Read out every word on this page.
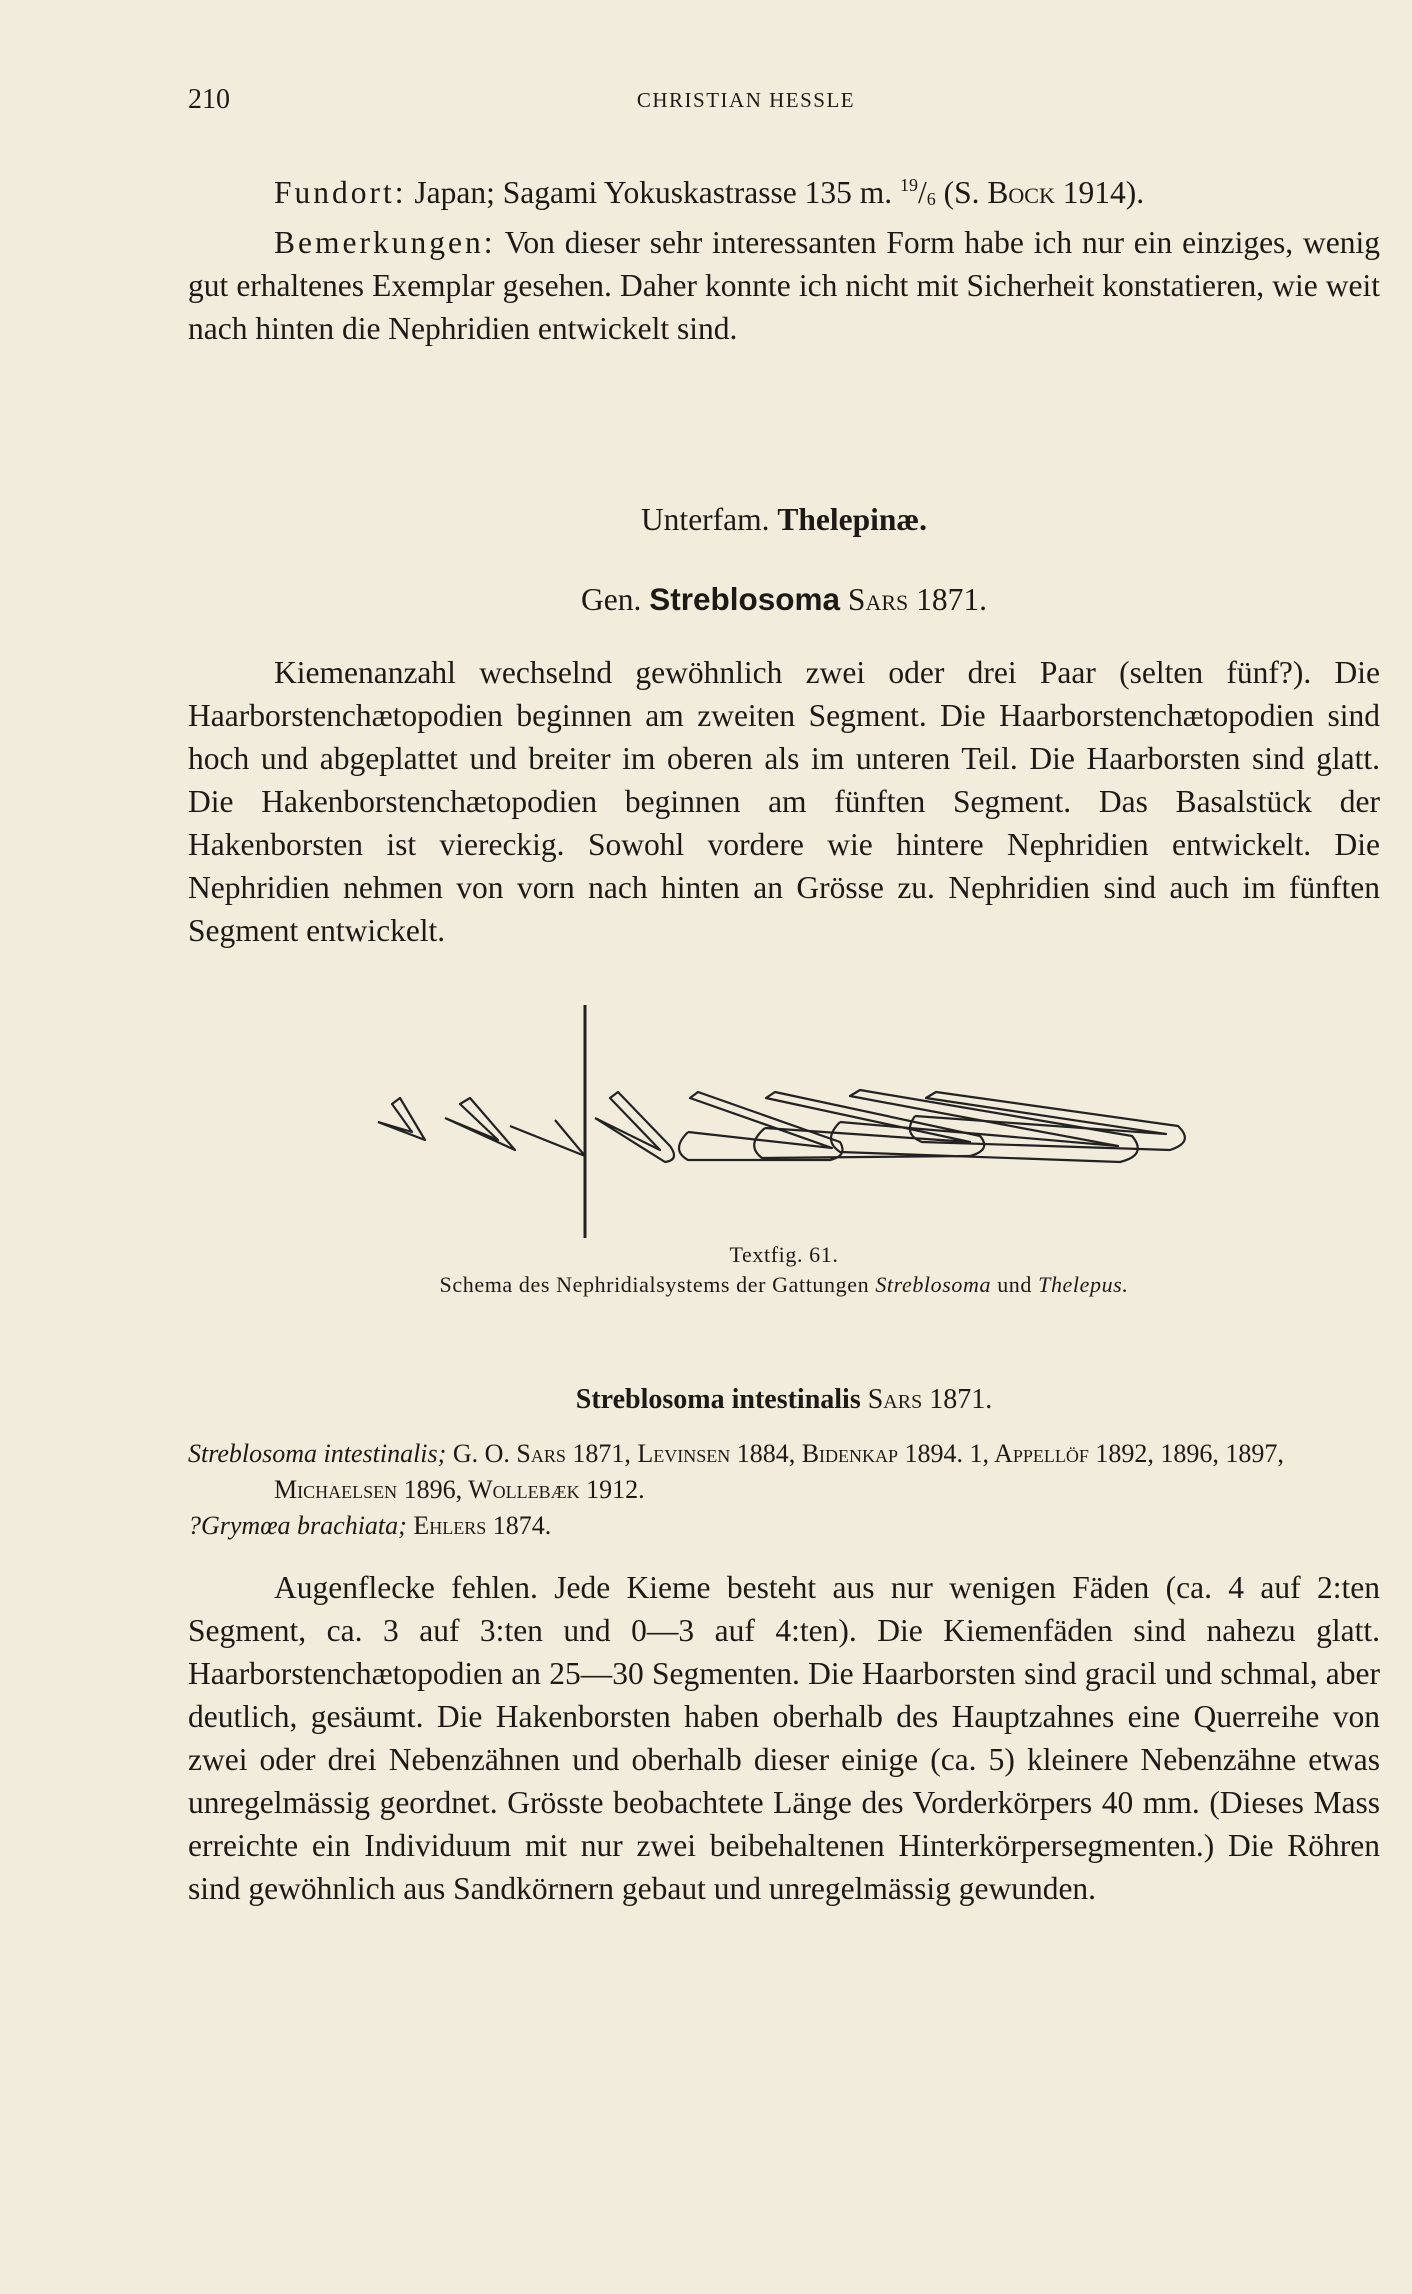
210	CHRISTIAN HESSLE

Fundort: Japan; Sagami Yokuskastrasse 135 m. $^{19}/_6$ (S. Bock 1914).

Bemerkungen: Von dieser sehr interessanten Form habe ich nur ein einziges, wenig gut erhaltenes Exemplar gesehen. Daher konnte ich nicht mit Sicherheit konstatieren, wie weit nach hinten die Nephridien entwickelt sind.

Unterfam. Thelepinæ.
Gen. Streblosoma Sars 1871.

Kiemenanzahl wechselnd gewöhnlich zwei oder drei Paar (selten fünf?). Die Haarborstenchætopodien beginnen am zweiten Segment. Die Haarborstenchætopodien sind hoch und abgeplattet und breiter im oberen als im unteren Teil. Die Haarborsten sind glatt. Die Hakenborstenchætopodien beginnen am fünften Segment. Das Basalstück der Hakenborsten ist viereckig. Sowohl vordere wie hintere Nephridien entwickelt. Die Nephridien nehmen von vorn nach hinten an Grösse zu. Nephridien sind auch im fünften Segment entwickelt.

Textfig. 61.
Schema des Nephridialsystems der Gattungen Streblosoma und Thelepus.
Streblosoma intestinalis Sars 1871.

Streblosoma intestinalis; G. O. Sars 1871, Levinsen 1884, Bidenkap 1894. 1, Appellöf 1892, 1896, 1897, Michaelsen 1896, Wollebæk 1912.

?Grymœa brachiata; Ehlers 1874.

Augenflecke fehlen. Jede Kieme besteht aus nur wenigen Fäden (ca. 4 auf 2:ten Segment, ca. 3 auf 3:ten und 0—3 auf 4:ten). Die Kiemenfäden sind nahezu glatt. Haarborstenchætopodien an 25—30 Segmenten. Die Haarborsten sind gracil und schmal, aber deutlich, gesäumt. Die Hakenborsten haben oberhalb des Hauptzahnes eine Querreihe von zwei oder drei Nebenzähnen und oberhalb dieser einige (ca. 5) kleinere Nebenzähne etwas unregelmässig geordnet. Grösste beobachtete Länge des Vorderkörpers 40 mm. (Dieses Mass erreichte ein Individuum mit nur zwei beibehaltenen Hinterkörpersegmenten.) Die Röhren sind gewöhnlich aus Sandkörnern gebaut und unregelmässig gewunden.
